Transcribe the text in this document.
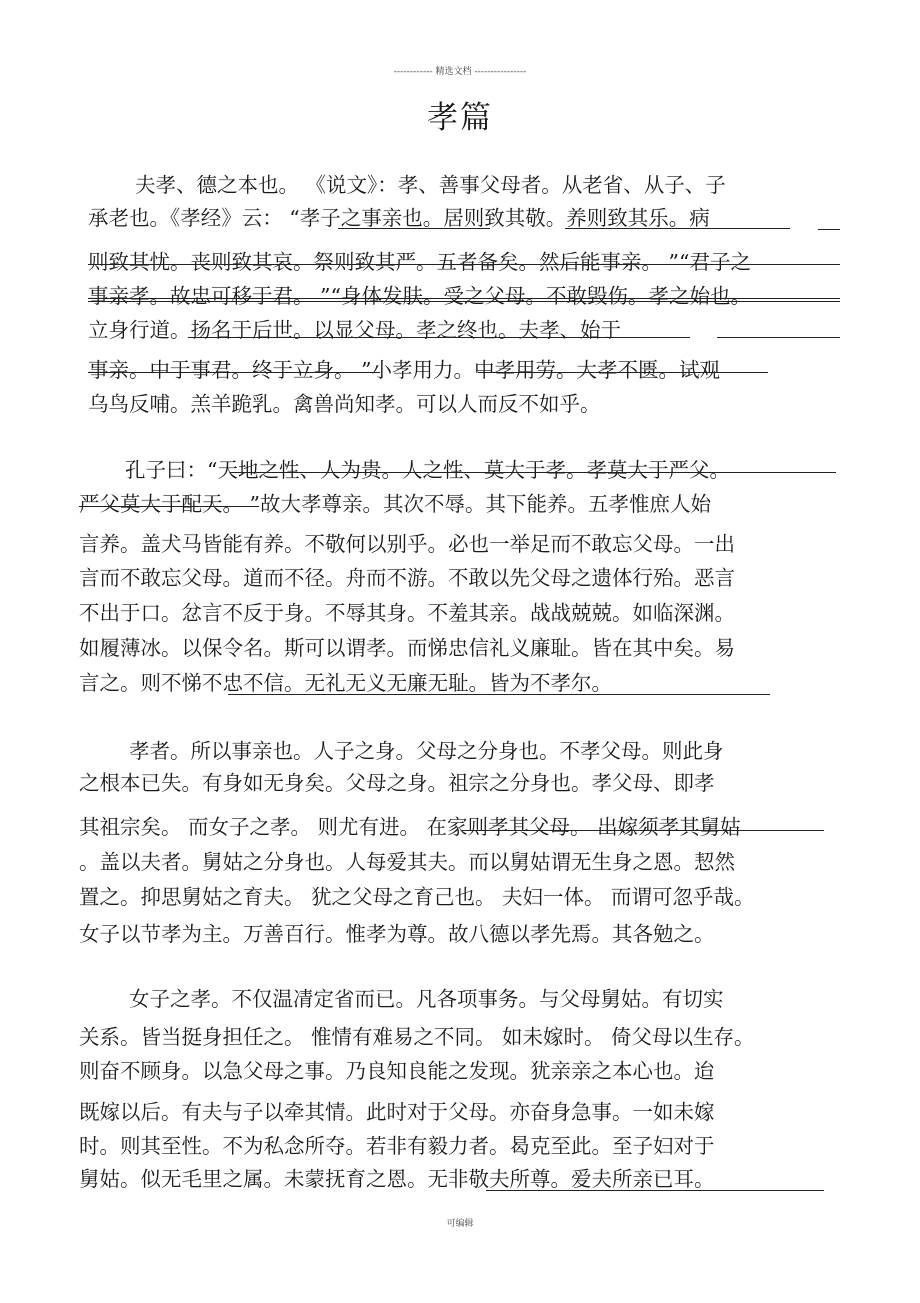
------------ 精选文档 ----------------
孝篇
夫孝、德之本也。 《说文》：孝、善事父母者。从老省、从子、子
承老也。《孝经》云： “孝子之事亲也。居则致其敬。养则致其乐。病
则致其忧。丧则致其哀。祭则致其严。五者备矣。然后能事亲。 ”“君子之
事亲孝。故忠可移于君。 ”“身体发肤。受之父母。不敢毁伤。孝之始也。
立身行道。扬名于后世。以显父母。孝之终也。夫孝、始于
事亲。中于事君。终于立身。 ”小孝用力。中孝用劳。大孝不匮。试观
乌鸟反哺。羔羊跪乳。禽兽尚知孝。可以人而反不如乎。
孔子曰：“天地之性、人为贵。人之性、莫大于孝。孝莫大于严父。
严父莫大于配天。 ”故大孝尊亲。其次不辱。其下能养。五孝惟庶人始
言养。盖犬马皆能有养。不敬何以别乎。必也一举足而不敢忘父母。一出
言而不敢忘父母。道而不径。舟而不游。不敢以先父母之遗体行殆。恶言
不出于口。忿言不反于身。不辱其身。不羞其亲。战战兢兢。如临深渊。
如履薄冰。以保令名。斯可以谓孝。而悌忠信礼义廉耻。皆在其中矣。易
言之。则不悌不忠不信。无礼无义无廉无耻。皆为不孝尔。
孝者。所以事亲也。人子之身。父母之分身也。不孝父母。则此身
之根本已失。有身如无身矣。父母之身。祖宗之分身也。孝父母、即孝
其祖宗矣。 而女子之孝。 则尤有进。 在家则孝其父母。 出嫁须孝其舅姑
。盖以夫者。舅姑之分身也。人每爱其夫。而以舅姑谓无生身之恩。恝然
置之。抑思舅姑之育夫。 犹之父母之育己也。 夫妇一体。 而谓可忽乎哉。
女子以节孝为主。万善百行。惟孝为尊。故八德以孝先焉。其各勉之。
女子之孝。不仅温凊定省而已。凡各项事务。与父母舅姑。有切实
关系。皆当挺身担任之。 惟情有难易之不同。 如未嫁时。 倚父母以生存。
则奋不顾身。以急父母之事。乃良知良能之发现。犹亲亲之本心也。迨
既嫁以后。有夫与子以牵其情。此时对于父母。亦奋身急事。一如未嫁
时。则其至性。不为私念所夺。若非有毅力者。曷克至此。至子妇对于
舅姑。似无毛里之属。未蒙抚育之恩。无非敬夫所尊。爱夫所亲已耳。
可编辑
